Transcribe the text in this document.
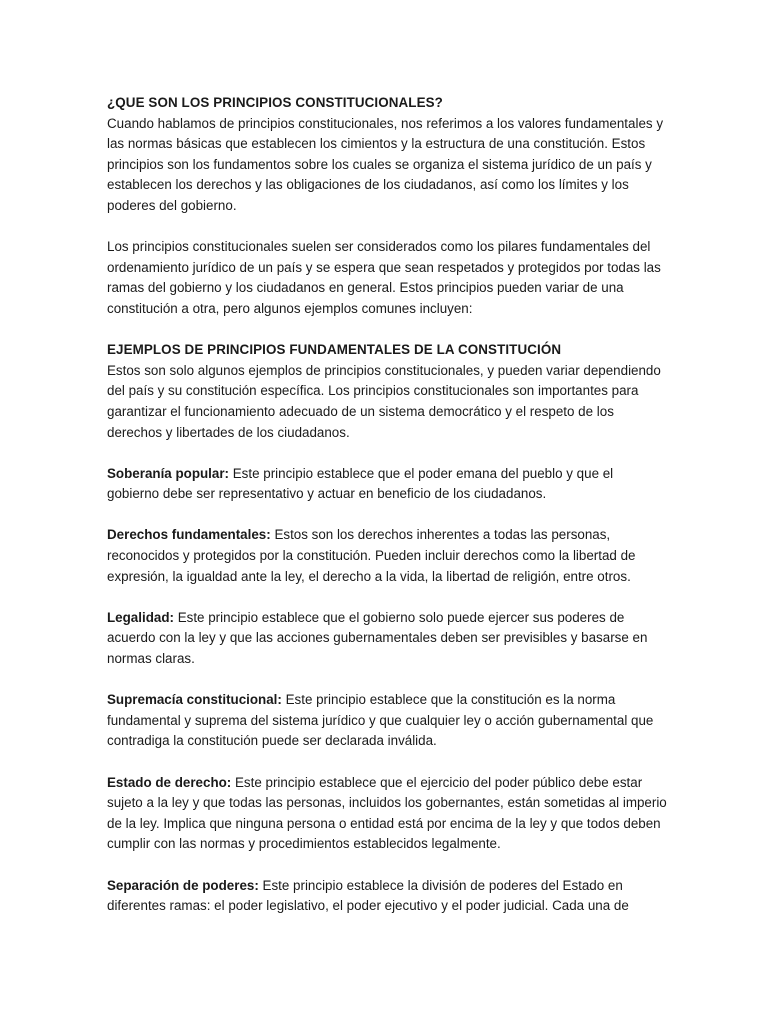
¿QUE SON LOS PRINCIPIOS CONSTITUCIONALES?

Cuando hablamos de principios constitucionales, nos referimos a los valores fundamentales y las normas básicas que establecen los cimientos y la estructura de una constitución. Estos principios son los fundamentos sobre los cuales se organiza el sistema jurídico de un país y establecen los derechos y las obligaciones de los ciudadanos, así como los límites y los poderes del gobierno.

Los principios constitucionales suelen ser considerados como los pilares fundamentales del ordenamiento jurídico de un país y se espera que sean respetados y protegidos por todas las ramas del gobierno y los ciudadanos en general. Estos principios pueden variar de una constitución a otra, pero algunos ejemplos comunes incluyen:

EJEMPLOS DE PRINCIPIOS FUNDAMENTALES DE LA CONSTITUCIÓN

Estos son solo algunos ejemplos de principios constitucionales, y pueden variar dependiendo del país y su constitución específica. Los principios constitucionales son importantes para garantizar el funcionamiento adecuado de un sistema democrático y el respeto de los derechos y libertades de los ciudadanos.

Soberanía popular: Este principio establece que el poder emana del pueblo y que el gobierno debe ser representativo y actuar en beneficio de los ciudadanos.

Derechos fundamentales: Estos son los derechos inherentes a todas las personas, reconocidos y protegidos por la constitución. Pueden incluir derechos como la libertad de expresión, la igualdad ante la ley, el derecho a la vida, la libertad de religión, entre otros.

Legalidad: Este principio establece que el gobierno solo puede ejercer sus poderes de acuerdo con la ley y que las acciones gubernamentales deben ser previsibles y basarse en normas claras.

Supremacía constitucional: Este principio establece que la constitución es la norma fundamental y suprema del sistema jurídico y que cualquier ley o acción gubernamental que contradiga la constitución puede ser declarada inválida.

Estado de derecho: Este principio establece que el ejercicio del poder público debe estar sujeto a la ley y que todas las personas, incluidos los gobernantes, están sometidas al imperio de la ley. Implica que ninguna persona o entidad está por encima de la ley y que todos deben cumplir con las normas y procedimientos establecidos legalmente.

Separación de poderes: Este principio establece la división de poderes del Estado en diferentes ramas: el poder legislativo, el poder ejecutivo y el poder judicial. Cada una de
